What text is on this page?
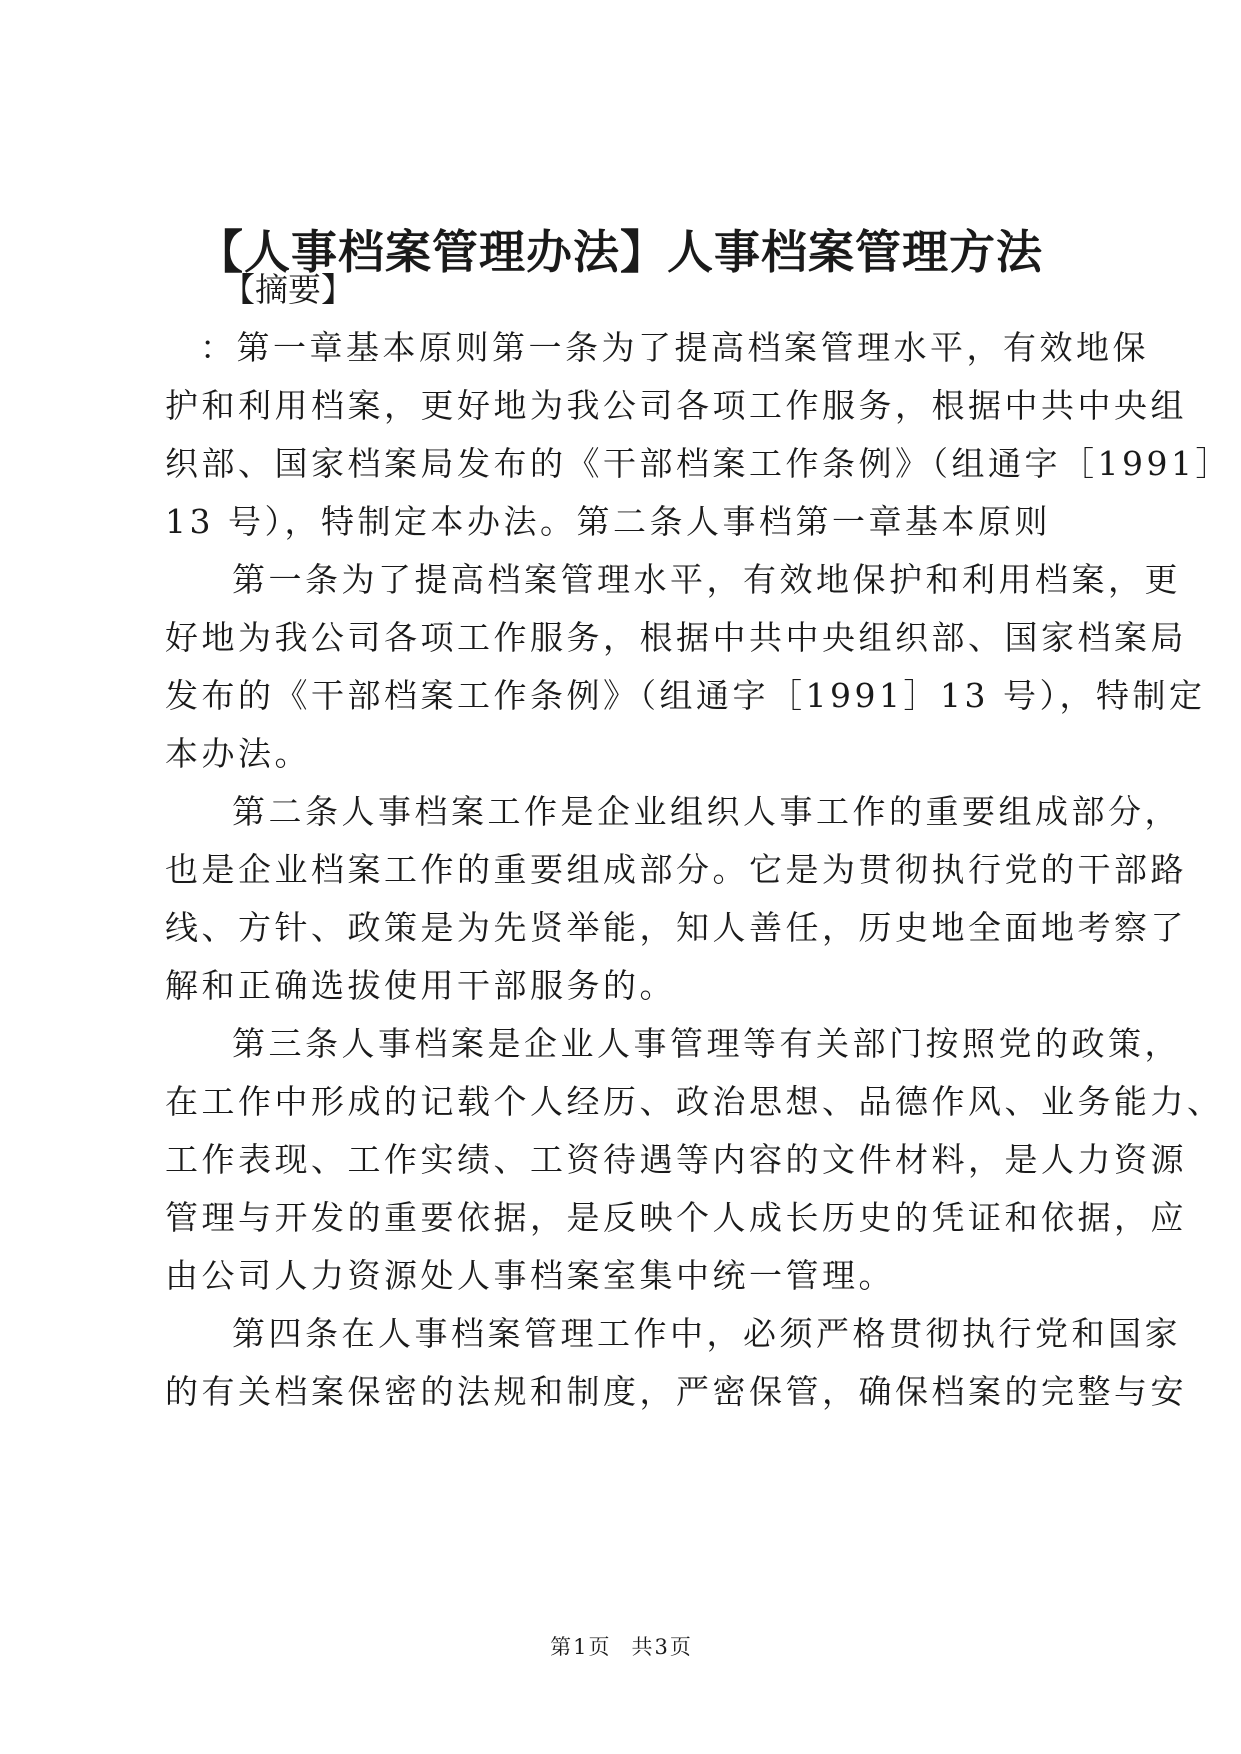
【人事档案管理办法】人事档案管理方法
【摘要】
：第一章基本原则第一条为了提高档案管理水平，有效地保
护和利用档案，更好地为我公司各项工作服务，根据中共中央组
织部、国家档案局发布的《干部档案工作条例》（组通字［1991］
13 号），特制定本办法。第二条人事档第一章基本原则
第一条为了提高档案管理水平，有效地保护和利用档案，更
好地为我公司各项工作服务，根据中共中央组织部、国家档案局
发布的《干部档案工作条例》（组通字［1991］13 号），特制定
本办法。
第二条人事档案工作是企业组织人事工作的重要组成部分，
也是企业档案工作的重要组成部分。它是为贯彻执行党的干部路
线、方针、政策是为先贤举能，知人善任，历史地全面地考察了
解和正确选拔使用干部服务的。
第三条人事档案是企业人事管理等有关部门按照党的政策，
在工作中形成的记载个人经历、政治思想、品德作风、业务能力、
工作表现、工作实绩、工资待遇等内容的文件材料，是人力资源
管理与开发的重要依据，是反映个人成长历史的凭证和依据，应
由公司人力资源处人事档案室集中统一管理。
第四条在人事档案管理工作中，必须严格贯彻执行党和国家
的有关档案保密的法规和制度，严密保管，确保档案的完整与安
第1页 共3页
